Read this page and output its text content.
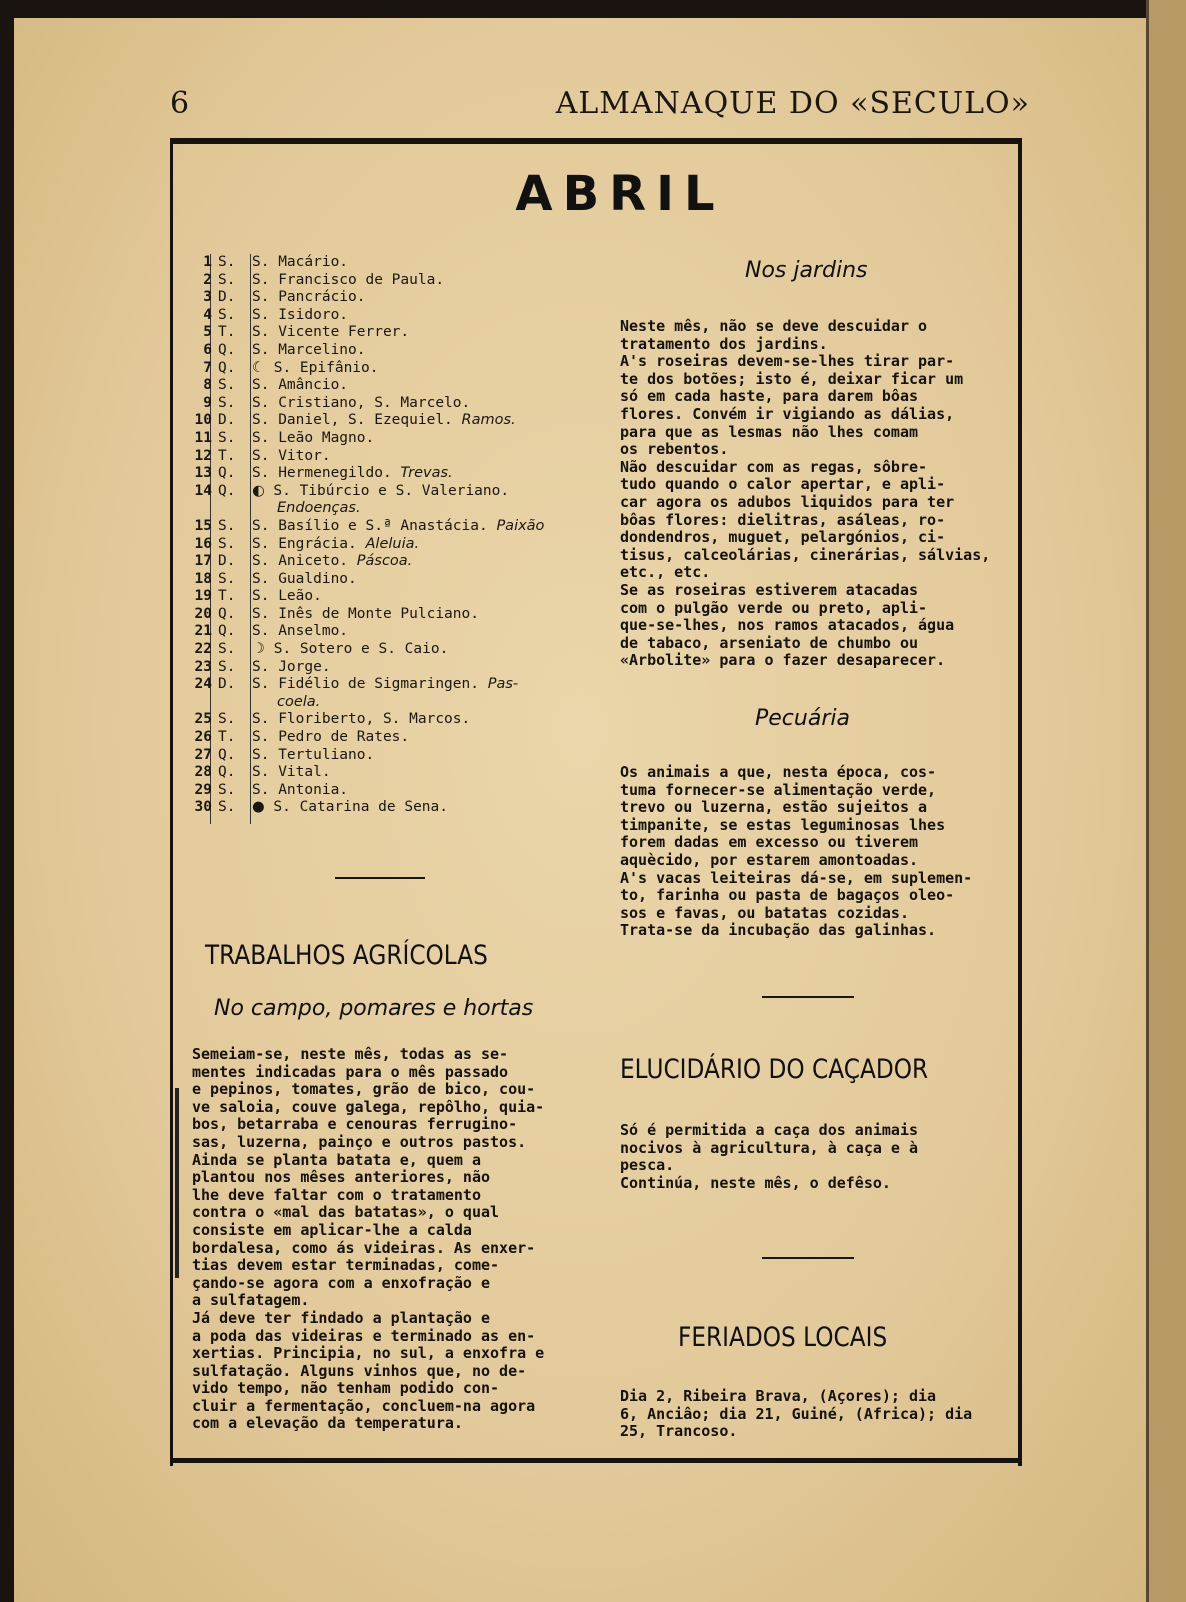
6	ALMANAQUE DO «SECULO»
ABRIL
1 S.	S. Macário.
2 S.	S. Francisco de Paula.
3 D.	S. Pancrácio.
4 S.	S. Isidoro.
5 T.	S. Vicente Ferrer.
6 Q.	S. Marcelino.
7 Q.	☾ S. Epifânio.
8 S.	S. Amâncio.
9 S.	S. Cristiano, S. Marcelo.
10 D.	S. Daniel, S. Ezequiel. Ramos.
11 S.	S. Leão Magno.
12 T.	S. Vitor.
13 Q.	S. Hermenegildo. Trevas.
14 Q.	◐ S. Tibúrcio e S. Valeriano.
Endoenças.
15 S.	S. Basílio e S.ª Anastácia. Paixão
16 S.	S. Engrácia. Aleluia.
17 D.	S. Aniceto. Páscoa.
18 S.	S. Gualdino.
19 T.	S. Leão.
20 Q.	S. Inês de Monte Pulciano.
21 Q.	S. Anselmo.
22 S.	☽ S. Sotero e S. Caio.
23 S.	S. Jorge.
24 D.	S. Fidélio de Sigmaringen. Pas-
coela.
25 S.	S. Floriberto, S. Marcos.
26 T.	S. Pedro de Rates.
27 Q.	S. Tertuliano.
28 Q.	S. Vital.
29 S.	S. Antonia.
30 S.	● S. Catarina de Sena.
TRABALHOS AGRÍCOLAS
No campo, pomares e hortas
Semeiam-se, neste mês, todas as se-
mentes indicadas para o mês passado
e pepinos, tomates, grão de bico, cou-
ve saloia, couve galega, repôlho, quia-
bos, betarraba e cenouras ferrugino-
sas, luzerna, painço e outros pastos.
Ainda se planta batata e, quem a
plantou nos mêses anteriores, não
lhe deve faltar com o tratamento
contra o «mal das batatas», o qual
consiste em aplicar-lhe a calda
bordalesa, como ás videiras. As enxer-
tias devem estar terminadas, come-
çando-se agora com a enxofração e
a sulfatagem.
Já deve ter findado a plantação e
a poda das videiras e terminado as en-
xertias. Principia, no sul, a enxofra e
sulfatação. Alguns vinhos que, no de-
vido tempo, não tenham podido con-
cluir a fermentação, concluem-na agora
com a elevação da temperatura.
Nos jardins
Neste mês, não se deve descuidar o
tratamento dos jardins.
A's roseiras devem-se-lhes tirar par-
te dos botões; isto é, deixar ficar um
só em cada haste, para darem bôas
flores. Convém ir vigiando as dálias,
para que as lesmas não lhes comam
os rebentos.
Não descuidar com as regas, sôbre-
tudo quando o calor apertar, e apli-
car agora os adubos liquidos para ter
bôas flores: dielitras, asáleas, ro-
dondendros, muguet, pelargónios, ci-
tisus, calceolárias, cinerárias, sálvias,
etc., etc.
Se as roseiras estiverem atacadas
com o pulgão verde ou preto, apli-
que-se-lhes, nos ramos atacados, água
de tabaco, arseniato de chumbo ou
«Arbolite» para o fazer desaparecer.
Pecuária
Os animais a que, nesta época, cos-
tuma fornecer-se alimentação verde,
trevo ou luzerna, estão sujeitos a
timpanite, se estas leguminosas lhes
forem dadas em excesso ou tiverem
aquècido, por estarem amontoadas.
A's vacas leiteiras dá-se, em suplemen-
to, farinha ou pasta de bagaços oleo-
sos e favas, ou batatas cozidas.
Trata-se da incubação das galinhas.
ELUCIDÁRIO DO CAÇADOR
Só é permitida a caça dos animais
nocivos à agricultura, à caça e à
pesca.
Continúa, neste mês, o defêso.
FERIADOS LOCAIS
Dia 2, Ribeira Brava, (Açores); dia
6, Anciâo; dia 21, Guiné, (Africa); dia
25, Trancoso.
